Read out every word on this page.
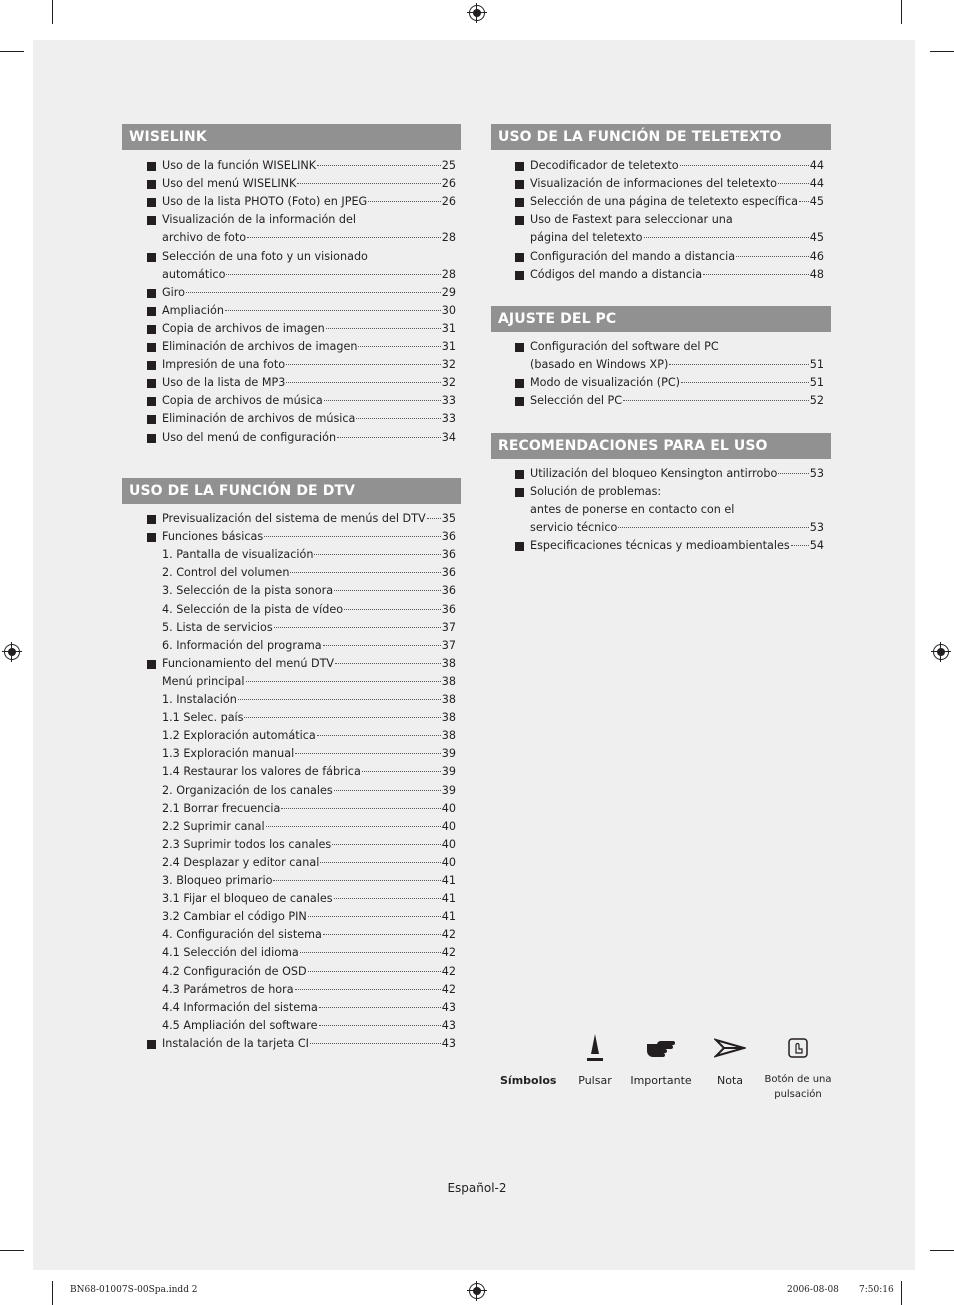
WISELINK
Uso de la función WISELINK	25
Uso del menú WISELINK	26
Uso de la lista PHOTO (Foto) en JPEG	26
Visualización de la información del
archivo de foto	28
Selección de una foto y un visionado
automático	28
Giro	29
Ampliación	30
Copia de archivos de imagen	31
Eliminación de archivos de imagen	31
Impresión de una foto	32
Uso de la lista de MP3	32
Copia de archivos de música	33
Eliminación de archivos de música	33
Uso del menú de configuración	34
USO DE LA FUNCIÓN DE DTV
Previsualización del sistema de menús del DTV 35
Funciones básicas	36
1. Pantalla de visualización	36
2. Control del volumen	36
3. Selección de la pista sonora	36
4. Selección de la pista de vídeo	36
5. Lista de servicios	37
6. Información del programa	37
Funcionamiento del menú DTV	38
Menú principal	38
1. Instalación	38
1.1 Selec. país	38
1.2 Exploración automática	38
1.3 Exploración manual	39
1.4 Restaurar los valores de fábrica	39
2. Organización de los canales	39
2.1 Borrar frecuencia	40
2.2 Suprimir canal	40
2.3 Suprimir todos los canales	40
2.4 Desplazar y editor canal	40
3. Bloqueo primario	41
3.1 Fijar el bloqueo de canales	41
3.2 Cambiar el código PIN	41
4. Configuración del sistema	42
4.1 Selección del idioma	42
4.2 Configuración de OSD	42
4.3 Parámetros de hora	42
4.4 Información del sistema	43
4.5 Ampliación del software	43
Instalación de la tarjeta CI	43
USO DE LA FUNCIÓN DE TELETEXTO
Decodificador de teletexto	44
Visualización de informaciones del teletexto	44
Selección de una página de teletexto específica 45
Uso de Fastext para seleccionar una
página del teletexto	45
Configuración del mando a distancia	46
Códigos del mando a distancia	48
AJUSTE DEL PC
Configuración del software del PC
(basado en Windows XP)	51
Modo de visualización (PC)	51
Selección del PC	52
RECOMENDACIONES PARA EL USO
Utilización del bloqueo Kensington antirrobo	53
Solución de problemas:
antes de ponerse en contacto con el
servicio técnico	53
Especificaciones técnicas y medioambientales 54
Símbolos	Pulsar	Importante	Nota	Botón de una pulsación
Español-2
BN68-01007S-00Spa.indd 2	2006-08-08 7:50:16
